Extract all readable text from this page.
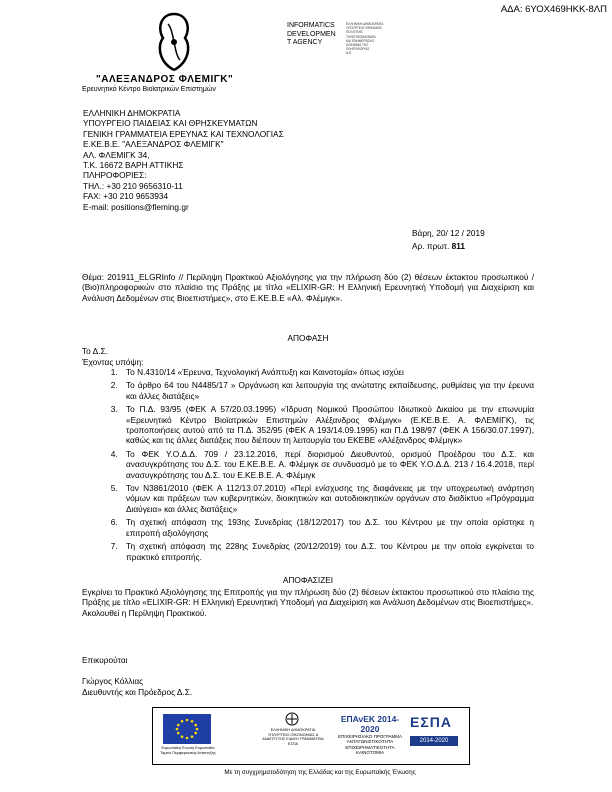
ΑΔΑ: 6ΥΟΧ469ΗΚΚ-8ΛΠ
"ΑΛΕΞΑΝΔΡΟΣ ΦΛΕΜΙΓΚ"
Ερευνητικό Κέντρο Βιοϊατρικών Επιστημών
INFORMATICS
DEVELOPMEN
T AGENCY
ΕΛΛΗΝΙΚΗ ΔΗΜΟΚΡΑΤΙΑ
ΥΠΟΥΡΓΕΙΟ ΨΗΦΙΑΚΗΣ
ΠΟΛΙΤΙΚΗΣ
ΤΗΛΕΠΙΚΟΙΝΩΝΙΩΝ
ΚΑΙ ΕΝΗΜΕΡΩΣΗΣ
ΚΟΙΝΩΝΙΑ ΤΗΣ
ΠΛΗΡΟΦΟΡΙΑΣ
Α.Ε.
ΕΛΛΗΝΙΚΗ ΔΗΜΟΚΡΑΤΙΑ
ΥΠΟΥΡΓΕΙΟ ΠΑΙΔΕΙΑΣ ΚΑΙ ΘΡΗΣΚΕΥΜΑΤΩΝ
ΓΕΝΙΚΗ ΓΡΑΜΜΑΤΕΙΑ ΕΡΕΥΝΑΣ ΚΑΙ ΤΕΧΝΟΛΟΓΙΑΣ
Ε.ΚΕ.Β.Ε. "ΑΛΕΞΑΝΔΡΟΣ ΦΛΕΜΙΓΚ"
ΑΛ. ΦΛΕΜΙΓΚ 34,
Τ.Κ. 16672 ΒΑΡΗ ΑΤΤΙΚΗΣ
ΠΛΗΡΟΦΟΡΙΕΣ:
ΤΗΛ.: +30 210 9656310-11
FAX: +30 210 9653934
E-mail: positions@fleming.gr
Βάρη, 20/ 12 / 2019
Αρ. πρωτ. 811
Θέμα: 201911_ELGRInfo // Περίληψη Πρακτικού Αξιολόγησης για την πλήρωση δύο (2) θέσεων έκτακτου προσωπικού / (Βιο)πληροφορικών στο πλαίσιο της Πράξης με τίτλο «ELIXIR-GR: Η Ελληνική Ερευνητική Υποδομή για Διαχείριση και Ανάλυση Δεδομένων στις Βιοεπιστήμες», στο Ε.ΚΕ.Β.Ε «Αλ. Φλέμιγκ».
ΑΠΟΦΑΣΗ
Το Δ.Σ.
Έχοντας υπόψη:
1. Το Ν.4310/14 «Έρευνα, Τεχνολογική Ανάπτυξη και Καινοτομία» όπως ισχύει
2. Το άρθρο 64 του Ν4485/17 » Οργάνωση και λειτουργία της ανώτατης εκπαίδευσης, ρυθμίσεις για την έρευνα και άλλες διατάξεις»
3. Το Π.Δ. 93/95 (ΦΕΚ Α 57/20.03.1995) «Ίδρυση Νομικού Προσώπου Ιδιωτικού Δικαίου με την επωνυμία «Ερευνητικό Κέντρο Βιοϊατρικών Επιστημών Αλέξανδρος Φλέμιγκ» (Ε.ΚΕ.Β.Ε. Α. ΦΛΕΜΙΓΚ), τις τροποποιήσεις αυτού από τα Π.Δ. 352/95 (ΦΕΚ Α 193/14.09.1995) και Π.Δ 198/97 (ΦΕΚ Α 156/30.07.1997), καθώς και τις άλλες διατάξεις που διέπουν τη λειτουργία του ΕΚΕΒΕ «Αλέξανδρος Φλέμιγκ»
4. Το ΦΕΚ Υ.Ο.Δ.Δ. 709 / 23.12.2016, περί διορισμού Διευθυντού, ορισμού Προέδρου του Δ.Σ. και ανασυγκρότησης του Δ.Σ. του Ε.ΚΕ.Β.Ε. Α. Φλέμιγκ σε συνδυασμό με το ΦΕΚ Υ.Ο.Δ.Δ. 213 / 16.4.2018, περί ανασυγκρότησης του Δ.Σ. του Ε.ΚΕ.Β.Ε. Α. Φλέμιγκ
5. Τον Ν3861/2010 (ΦΕΚ Α 112/13.07.2010) «Περί ενίσχυσης της διαφάνειας με την υποχρεωτική ανάρτηση νόμων και πράξεων των κυβερνητικών, διοικητικών και αυτοδιοικητικών οργάνων στο διαδίκτυο «Πρόγραμμα Διαύγεια» και άλλες διατάξεις»
6. Τη σχετική απόφαση της 193ης Συνεδρίας (18/12/2017) του Δ.Σ. του Κέντρου με την οποία ορίστηκε η επιτροπή αξιολόγησης
7. Τη σχετική απόφαση της 228ης Συνεδρίας (20/12/2019) του Δ.Σ. του Κέντρου με την οποία εγκρίνεται το πρακτικό επιτροπής.
ΑΠΟΦΑΣΙΖΕΙ
Εγκρίνει το Πρακτικό Αξιολόγησης της Επιτροπής για την πλήρωση δύο (2) θέσεων έκτακτου προσωπικού στο πλαίσιο της Πράξης με τίτλο «ELIXIR-GR: Η Ελληνική Ερευνητική Υποδομή για Διαχείριση και Ανάλυση Δεδομένων στις Βιοεπιστήμες».
Ακολουθεί η Περίληψη Πρακτικού.
Επικυρούται
Γιώργος Κόλλιας
Διευθυντής και Πρόεδρος Δ.Σ.
Ευρωπαϊκή Ένωση Ευρωπαϊκό Ταμείο Περιφερειακής Ανάπτυξης
ΕΛΛΗΝΙΚΗ ΔΗΜΟΚΡΑΤΙΑ ΥΠΟΥΡΓΕΙΟ ΟΙΚΟΝΟΜΙΑΣ & ΑΝΑΠΤΥΞΗΣ ΕΙΔΙΚΗ ΓΡΑΜΜΑΤΕΙΑ ΕΣΠΑ
ΕΠΑνΕΚ 2014-2020
ΕΠΙΧΕΙΡΗΣΙΑΚΟ ΠΡΟΓΡΑΜΜΑ ΑΝΤΑΓΩΝΙΣΤΙΚΟΤΗΤΑ ΕΠΙΧΕΙΡΗΜΑΤΙΚΟΤΗΤΑ ΚΑΙΝΟΤΟΜΙΑ
ΕΣΠΑ
2014-2020
Με τη συγχρηματοδότηση της Ελλάδας και της Ευρωπαϊκής Ένωσης
